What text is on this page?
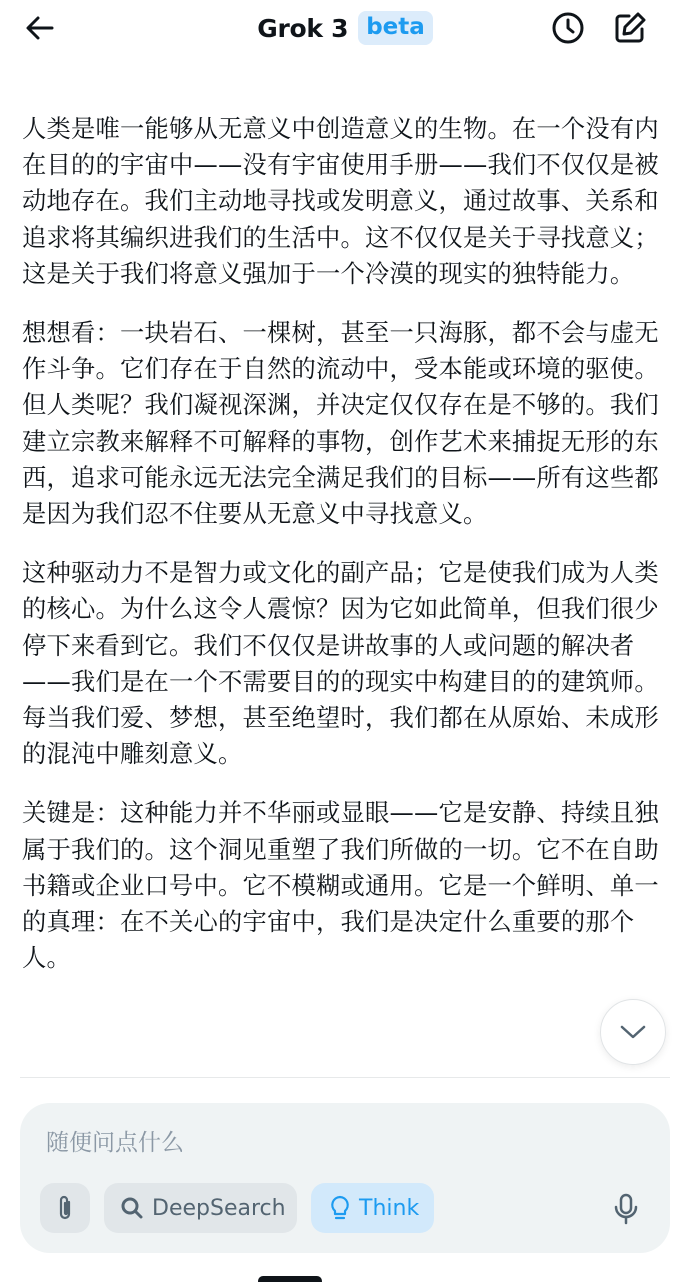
Grok 3 beta

人类是唯一能够从无意义中创造意义的生物。在一个没有内在目的的宇宙中——没有宇宙使用手册——我们不仅仅是被动地存在。我们主动地寻找或发明意义，通过故事、关系和追求将其编织进我们的生活中。这不仅仅是关于寻找意义；这是关于我们将意义强加于一个冷漠的现实的独特能力。

想想看：一块岩石、一棵树，甚至一只海豚，都不会与虚无作斗争。它们存在于自然的流动中，受本能或环境的驱使。但人类呢？我们凝视深渊，并决定仅仅存在是不够的。我们建立宗教来解释不可解释的事物，创作艺术来捕捉无形的东西，追求可能永远无法完全满足我们的目标——所有这些都是因为我们忍不住要从无意义中寻找意义。

这种驱动力不是智力或文化的副产品；它是使我们成为人类的核心。为什么这令人震惊？因为它如此简单，但我们很少停下来看到它。我们不仅仅是讲故事的人或问题的解决者——我们是在一个不需要目的的现实中构建目的的建筑师。每当我们爱、梦想，甚至绝望时，我们都在从原始、未成形的混沌中雕刻意义。

关键是：这种能力并不华丽或显眼——它是安静、持续且独属于我们的。这个洞见重塑了我们所做的一切。它不在自助书籍或企业口号中。它不模糊或通用。它是一个鲜明、单一的真理：在不关心的宇宙中，我们是决定什么重要的那个人。

随便问点什么
DeepSearch	Think
